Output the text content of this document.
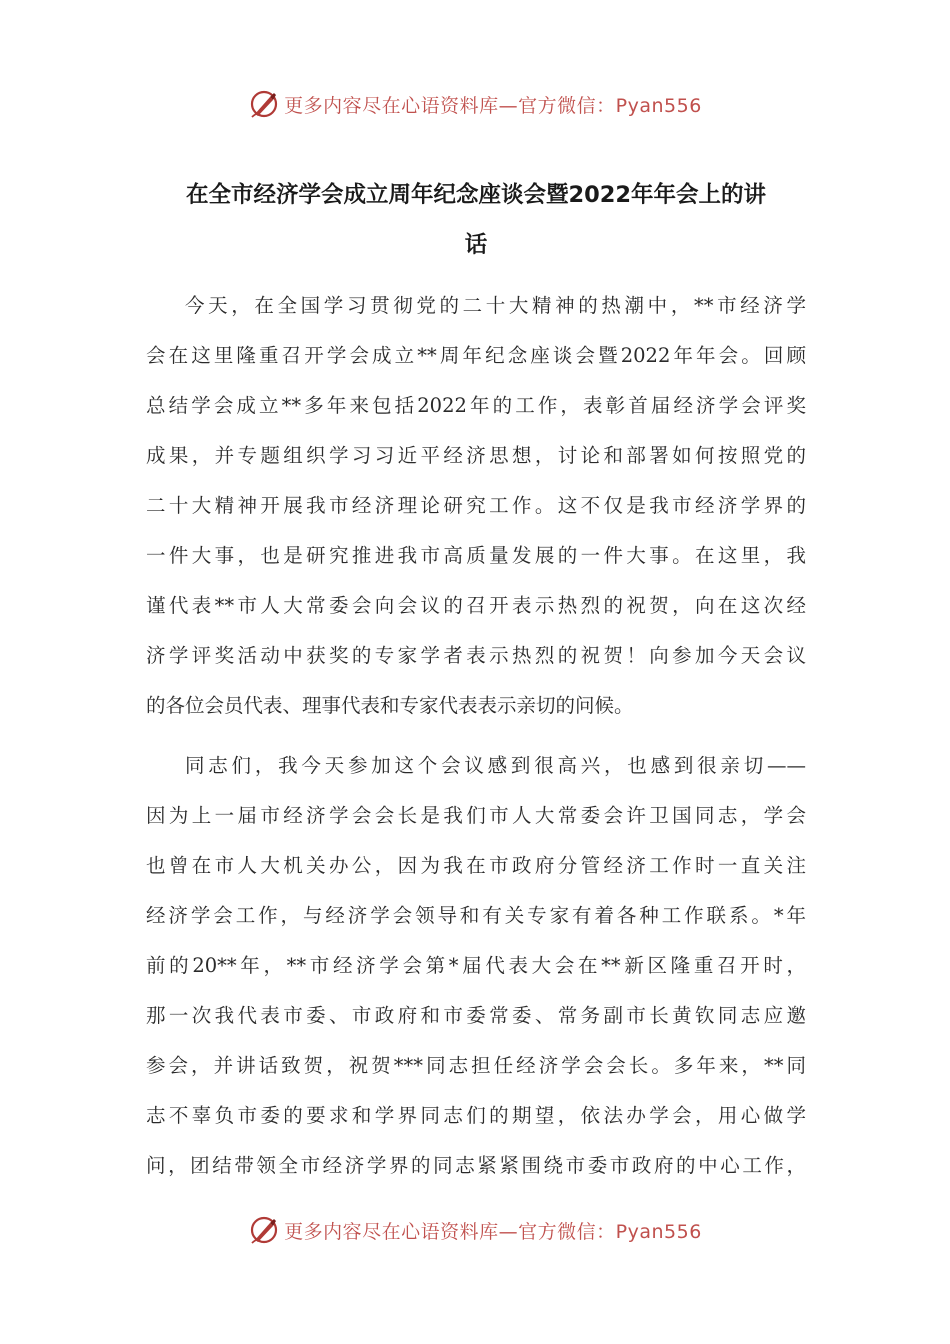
更多内容尽在心语资料库—官方微信：Pyan556
在全市经济学会成立周年纪念座谈会暨2022年年会上的讲
话
今天，在全国学习贯彻党的二十大精神的热潮中，**市经济学
会在这里隆重召开学会成立**周年纪念座谈会暨2022年年会。回顾
总结学会成立**多年来包括2022年的工作，表彰首届经济学会评奖
成果，并专题组织学习习近平经济思想，讨论和部署如何按照党的
二十大精神开展我市经济理论研究工作。这不仅是我市经济学界的
一件大事，也是研究推进我市高质量发展的一件大事。在这里，我
谨代表**市人大常委会向会议的召开表示热烈的祝贺，向在这次经
济学评奖活动中获奖的专家学者表示热烈的祝贺！向参加今天会议
的各位会员代表、理事代表和专家代表表示亲切的问候。
同志们，我今天参加这个会议感到很高兴，也感到很亲切——
因为上一届市经济学会会长是我们市人大常委会许卫国同志，学会
也曾在市人大机关办公，因为我在市政府分管经济工作时一直关注
经济学会工作，与经济学会领导和有关专家有着各种工作联系。*年
前的20**年，**市经济学会第*届代表大会在**新区隆重召开时，
那一次我代表市委、市政府和市委常委、常务副市长黄钦同志应邀
参会，并讲话致贺，祝贺***同志担任经济学会会长。多年来，**同
志不辜负市委的要求和学界同志们的期望，依法办学会，用心做学
问，团结带领全市经济学界的同志紧紧围绕市委市政府的中心工作，
更多内容尽在心语资料库—官方微信：Pyan556
